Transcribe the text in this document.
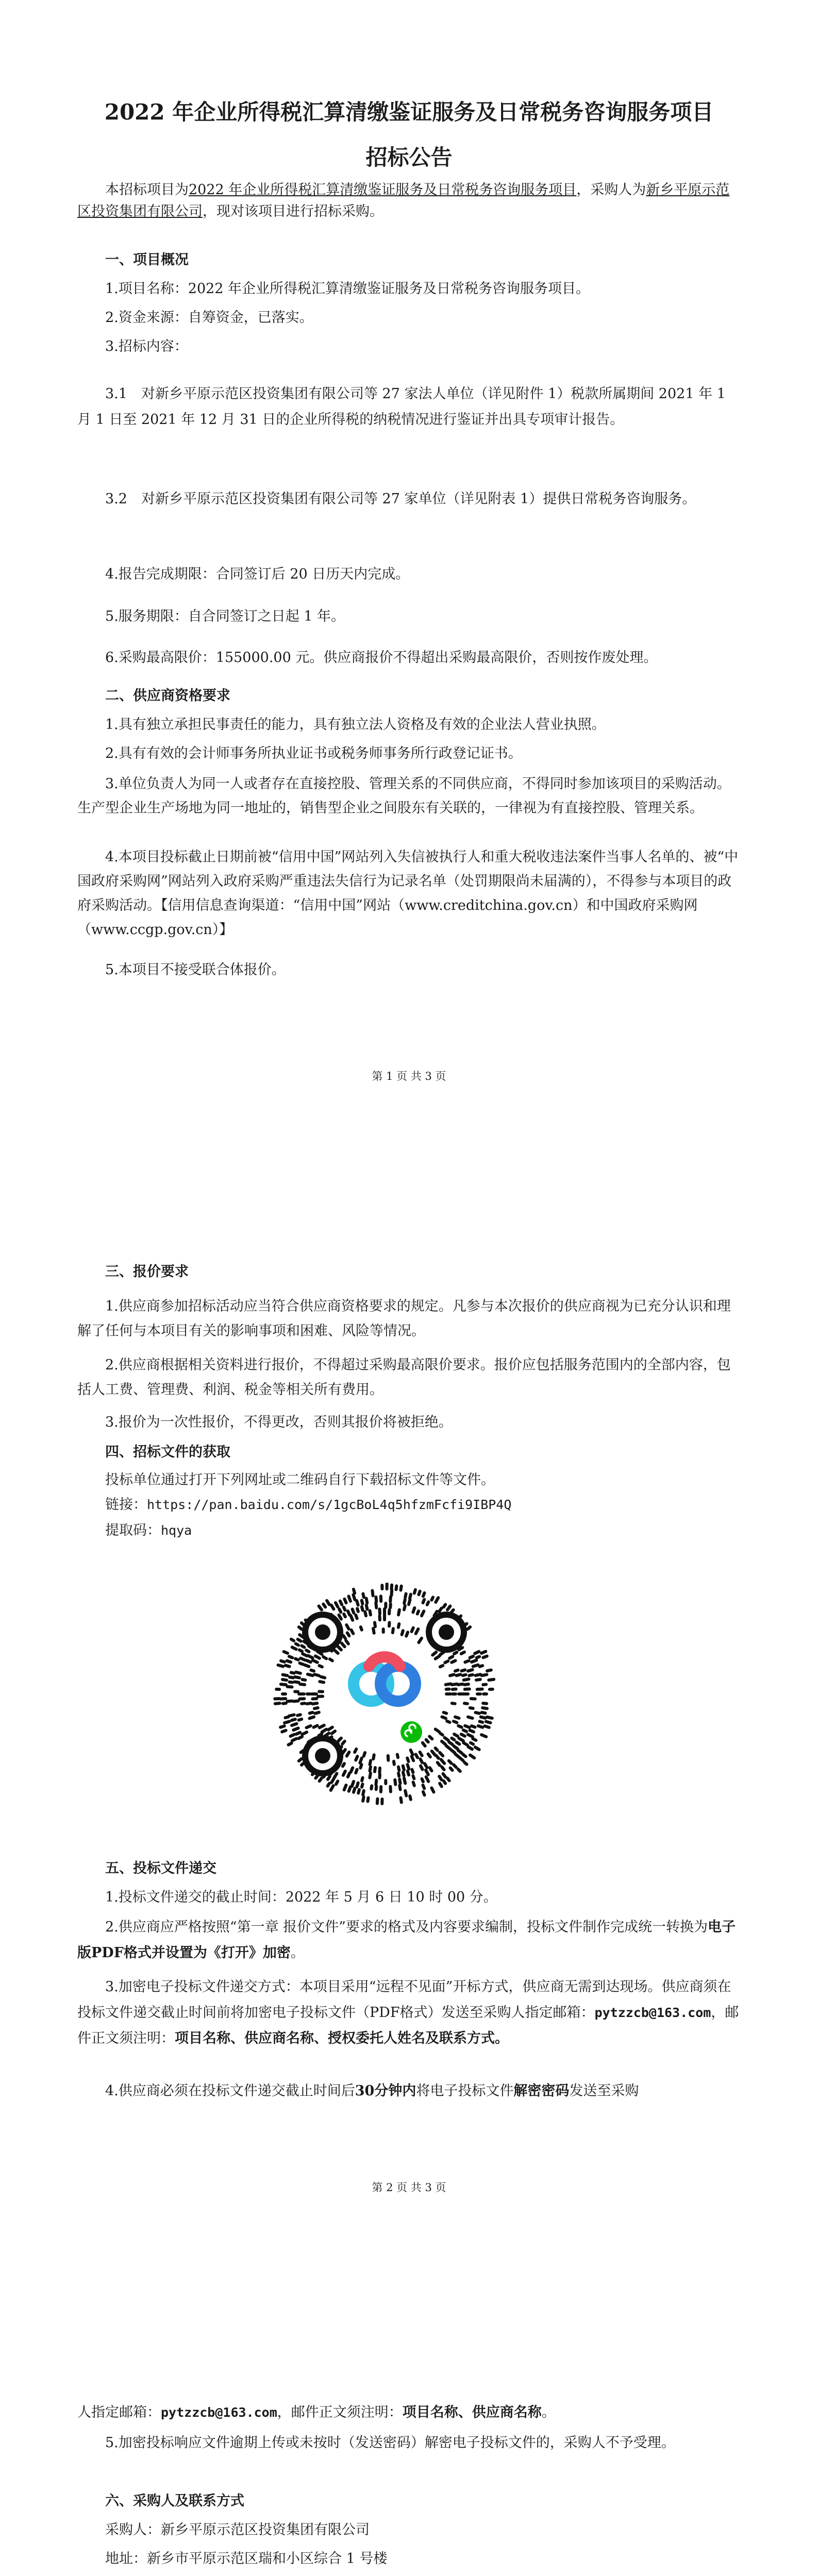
2022 年企业所得税汇算清缴鉴证服务及日常税务咨询服务项目
招标公告

本招标项目为2022 年企业所得税汇算清缴鉴证服务及日常税务咨询服务项目，采购人为新乡平原示范区投资集团有限公司，现对该项目进行招标采购。

一、项目概况

1.项目名称：2022 年企业所得税汇算清缴鉴证服务及日常税务咨询服务项目。

2.资金来源：自筹资金，已落实。

3.招标内容：

3.1　对新乡平原示范区投资集团有限公司等 27 家法人单位（详见附件 1）税款所属期间 2021 年 1 月 1 日至 2021 年 12 月 31 日的企业所得税的纳税情况进行鉴证并出具专项审计报告。

3.2　对新乡平原示范区投资集团有限公司等 27 家单位（详见附表 1）提供日常税务咨询服务。

4.报告完成期限：合同签订后 20 日历天内完成。

5.服务期限：自合同签订之日起 1 年。

6.采购最高限价：155000.00 元。供应商报价不得超出采购最高限价，否则按作废处理。

二、供应商资格要求

1.具有独立承担民事责任的能力，具有独立法人资格及有效的企业法人营业执照。

2.具有有效的会计师事务所执业证书或税务师事务所行政登记证书。

3.单位负责人为同一人或者存在直接控股、管理关系的不同供应商，不得同时参加该项目的采购活动。生产型企业生产场地为同一地址的，销售型企业之间股东有关联的，一律视为有直接控股、管理关系。

4.本项目投标截止日期前被“信用中国”网站列入失信被执行人和重大税收违法案件当事人名单的、被“中国政府采购网”网站列入政府采购严重违法失信行为记录名单（处罚期限尚未届满的），不得参与本项目的政府采购活动。【信用信息查询渠道：“信用中国”网站（www.creditchina.gov.cn）和中国政府采购网（www.ccgp.gov.cn）】

5.本项目不接受联合体报价。

第 1 页 共 3 页

三、报价要求

1.供应商参加招标活动应当符合供应商资格要求的规定。凡参与本次报价的供应商视为已充分认识和理解了任何与本项目有关的影响事项和困难、风险等情况。

2.供应商根据相关资料进行报价，不得超过采购最高限价要求。报价应包括服务范围内的全部内容，包括人工费、管理费、利润、税金等相关所有费用。

3.报价为一次性报价，不得更改，否则其报价将被拒绝。

四、招标文件的获取

投标单位通过打开下列网址或二维码自行下载招标文件等文件。

链接：https://pan.baidu.com/s/1gcBoL4q5hfzmFcfi9IBP4Q

提取码：hqya

五、投标文件递交

1.投标文件递交的截止时间：2022 年 5 月 6 日 10 时 00 分。

2.供应商应严格按照“第一章 报价文件”要求的格式及内容要求编制，投标文件制作完成统一转换为电子版PDF格式并设置为《打开》加密。

3.加密电子投标文件递交方式：本项目采用“远程不见面”开标方式，供应商无需到达现场。供应商须在投标文件递交截止时间前将加密电子投标文件（PDF格式）发送至采购人指定邮箱：pytzzcb@163.com，邮件正文须注明：项目名称、供应商名称、授权委托人姓名及联系方式。

4.供应商必须在投标文件递交截止时间后30分钟内将电子投标文件解密密码发送至采购

第 2 页 共 3 页

人指定邮箱：pytzzcb@163.com，邮件正文须注明：项目名称、供应商名称。

5.加密投标响应文件逾期上传或未按时（发送密码）解密电子投标文件的，采购人不予受理。

六、采购人及联系方式

采购人：新乡平原示范区投资集团有限公司

地址：新乡市平原示范区瑞和小区综合 1 号楼
